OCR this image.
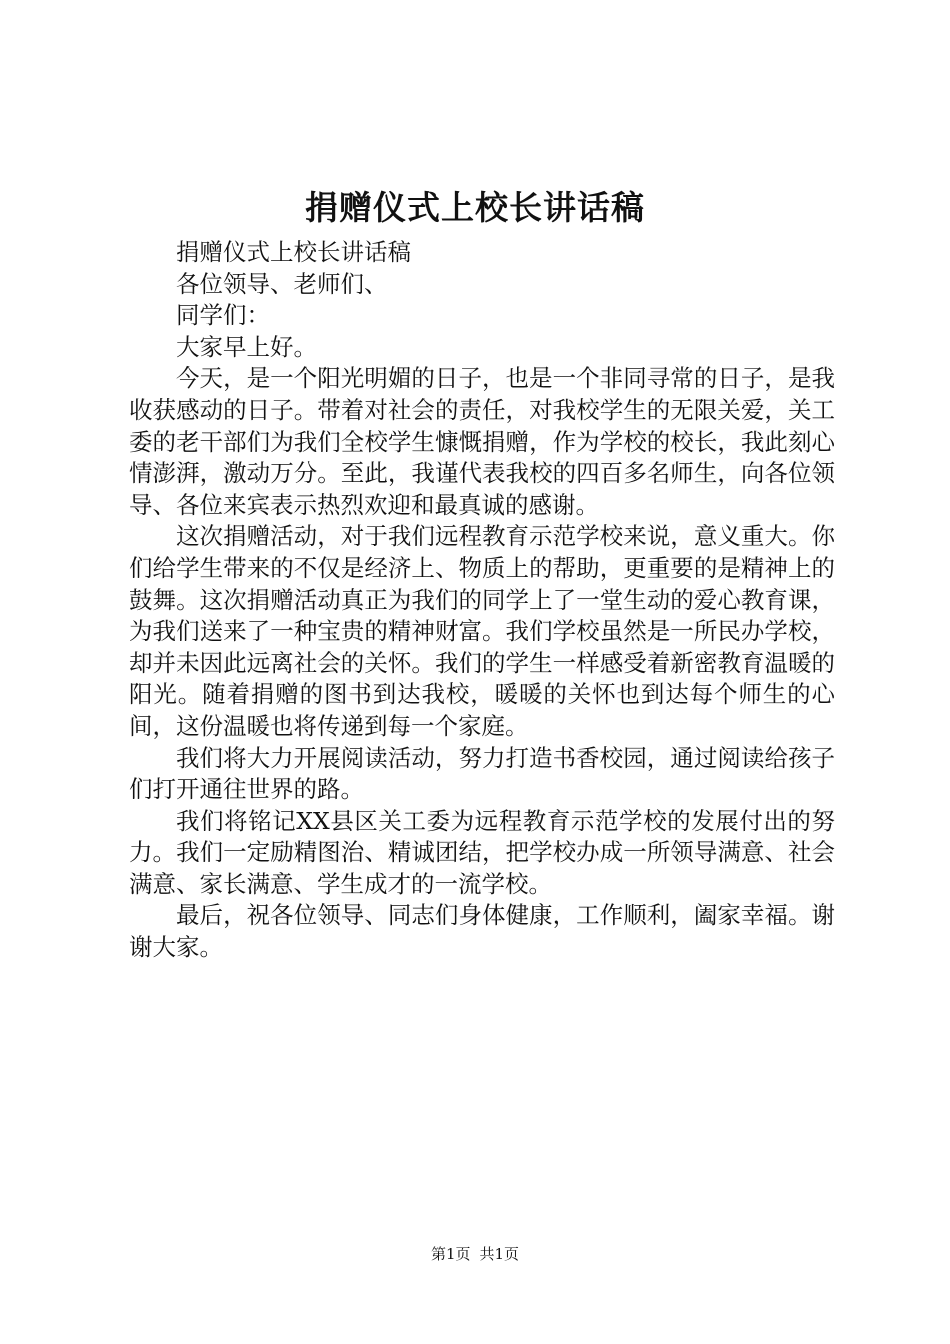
捐赠仪式上校长讲话稿

捐赠仪式上校长讲话稿

各位领导、老师们、

同学们：

大家早上好。

今天，是一个阳光明媚的日子，也是一个非同寻常的日子，是我收获感动的日子。带着对社会的责任，对我校学生的无限关爱，关工委的老干部们为我们全校学生慷慨捐赠，作为学校的校长，我此刻心情澎湃，激动万分。至此，我谨代表我校的四百多名师生，向各位领导、各位来宾表示热烈欢迎和最真诚的感谢。

这次捐赠活动，对于我们远程教育示范学校来说，意义重大。你们给学生带来的不仅是经济上、物质上的帮助，更重要的是精神上的鼓舞。这次捐赠活动真正为我们的同学上了一堂生动的爱心教育课，为我们送来了一种宝贵的精神财富。我们学校虽然是一所民办学校，却并未因此远离社会的关怀。我们的学生一样感受着新密教育温暖的阳光。随着捐赠的图书到达我校，暖暖的关怀也到达每个师生的心间，这份温暖也将传递到每一个家庭。

我们将大力开展阅读活动，努力打造书香校园，通过阅读给孩子们打开通往世界的路。

我们将铭记XX县区关工委为远程教育示范学校的发展付出的努力。我们一定励精图治、精诚团结，把学校办成一所领导满意、社会满意、家长满意、学生成才的一流学校。

最后，祝各位领导、同志们身体健康，工作顺利，阖家幸福。谢谢大家。

第1页 共1页
